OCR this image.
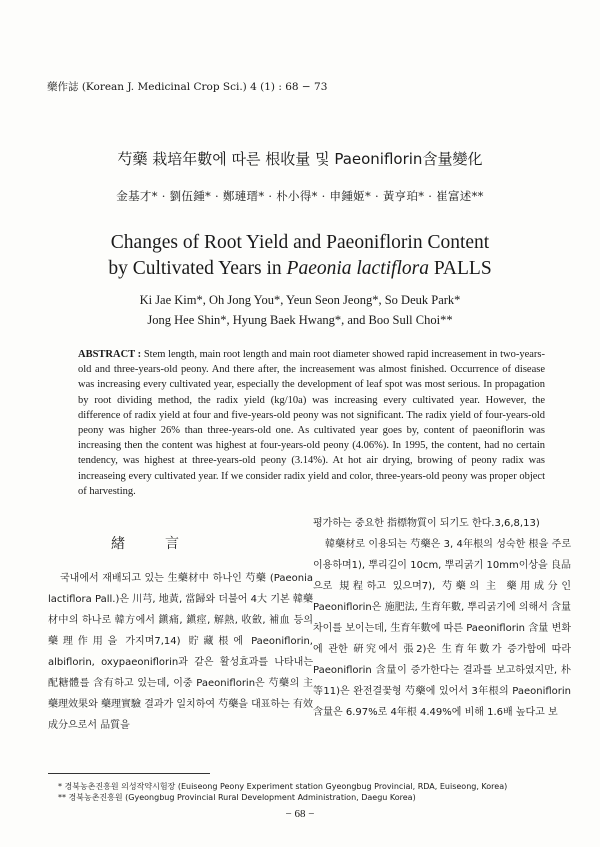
藥作誌 (Korean J. Medicinal Crop Sci.) 4 (1) : 68 − 73
芍藥 栽培年數에 따른 根收量 및 Paeoniflorin含量變化
金基才* · 劉伍鍾* · 鄭璉瑨* · 朴小得* · 申鍾姬* · 黃亨珀* · 崔富述**
Changes of Root Yield and Paeoniflorin Content
by Cultivated Years in Paeonia lactiflora PALLS
Ki Jae Kim*, Oh Jong You*, Yeun Seon Jeong*, So Deuk Park*
Jong Hee Shin*, Hyung Baek Hwang*, and Boo Sull Choi**
ABSTRACT : Stem length, main root length and main root diameter showed rapid increasement in two-years-old and three-years-old peony. And there after, the increasement was almost finished. Occurrence of disease was increasing every cultivated year, especially the development of leaf spot was most serious. In propagation by root dividing method, the radix yield (kg/10a) was increasing every cultivated year. However, the difference of radix yield at four and five-years-old peony was not significant. The radix yield of four-years-old peony was higher 26% than three-years-old one. As cultivated year goes by, content of paeoniflorin was increasing then the content was highest at four-years-old peony (4.06%). In 1995, the content, had no certain tendency, was highest at three-years-old peony (3.14%). At hot air drying, browing of peony radix was increaseing every cultivated year. If we consider radix yield and color, three-years-old peony was proper object of harvesting.
緖言

국내에서 재배되고 있는 生藥材中 하나인 芍藥 (Paeonia lactiflora Pall.)은 川芎, 地黃, 當歸와 더불어 4大 기본 韓藥材中의 하나로 韓方에서 鎭痛, 鎭痙, 解熱, 收斂, 補血 등의 藥理作用을 가지며7,14) 貯藏根에 Paeoniflorin, albiflorin, oxypaeoniflorin과 같은 활성효과를 나타내는 配糖體를 含有하고 있는데, 이중 Paeoniflorin은 芍藥의 主 藥理效果와 藥理實驗 결과가 일치하여 芍藥을 대표하는 有效成分으로서 品質을

평가하는 중요한 指標物質이 되기도 한다.3,6,8,13)

韓藥材로 이용되는 芍藥은 3, 4年根의 성숙한 根을 주로 이용하며1), 뿌리길이 10cm, 뿌리굵기 10mm이상을 良品으로 規程하고 있으며7), 芍藥의 主 藥用成分인 Paeoniflorin은 施肥法, 生育年數, 뿌리굵기에 의해서 含量 차이를 보이는데, 生育年數에 따른 Paeoniflorin 含量 변화에 관한 硏究에서 張2)은 生育年數가 증가함에 따라 Paeoniflorin 含量이 증가한다는 결과를 보고하였지만, 朴 等11)은 완전결꽃형 芍藥에 있어서 3年根의 Paeoniflorin 含量은 6.97%로 4年根 4.49%에 비해 1.6배 높다고 보

* 경북농촌진흥원 의성작약시험장 (Euiseong Peony Experiment station Gyeongbug Provincial, RDA, Euiseong, Korea)
** 경북농촌진흥원 (Gyeongbug Provincial Rural Development Administration, Daegu Korea)
− 68 −
